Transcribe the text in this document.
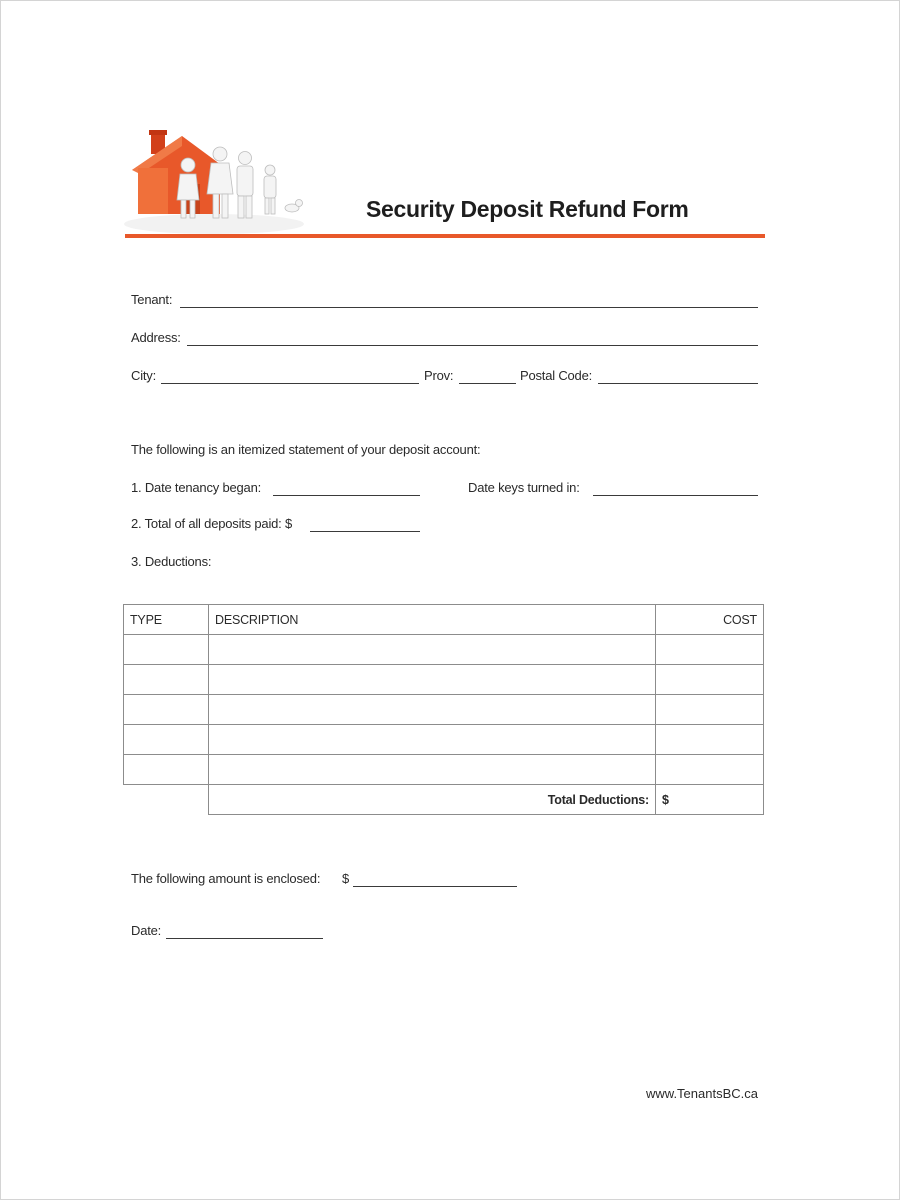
Security Deposit Refund Form
Tenant:
Address:
City:	Prov:	Postal Code:
The following is an itemized statement of your deposit account:
1. Date tenancy began:	Date keys turned in:
2. Total of all deposits paid: $
3. Deductions:
TYPE	DESCRIPTION	COST

	Total Deductions:	$
The following amount is enclosed: $
Date:
www.TenantsBC.ca
